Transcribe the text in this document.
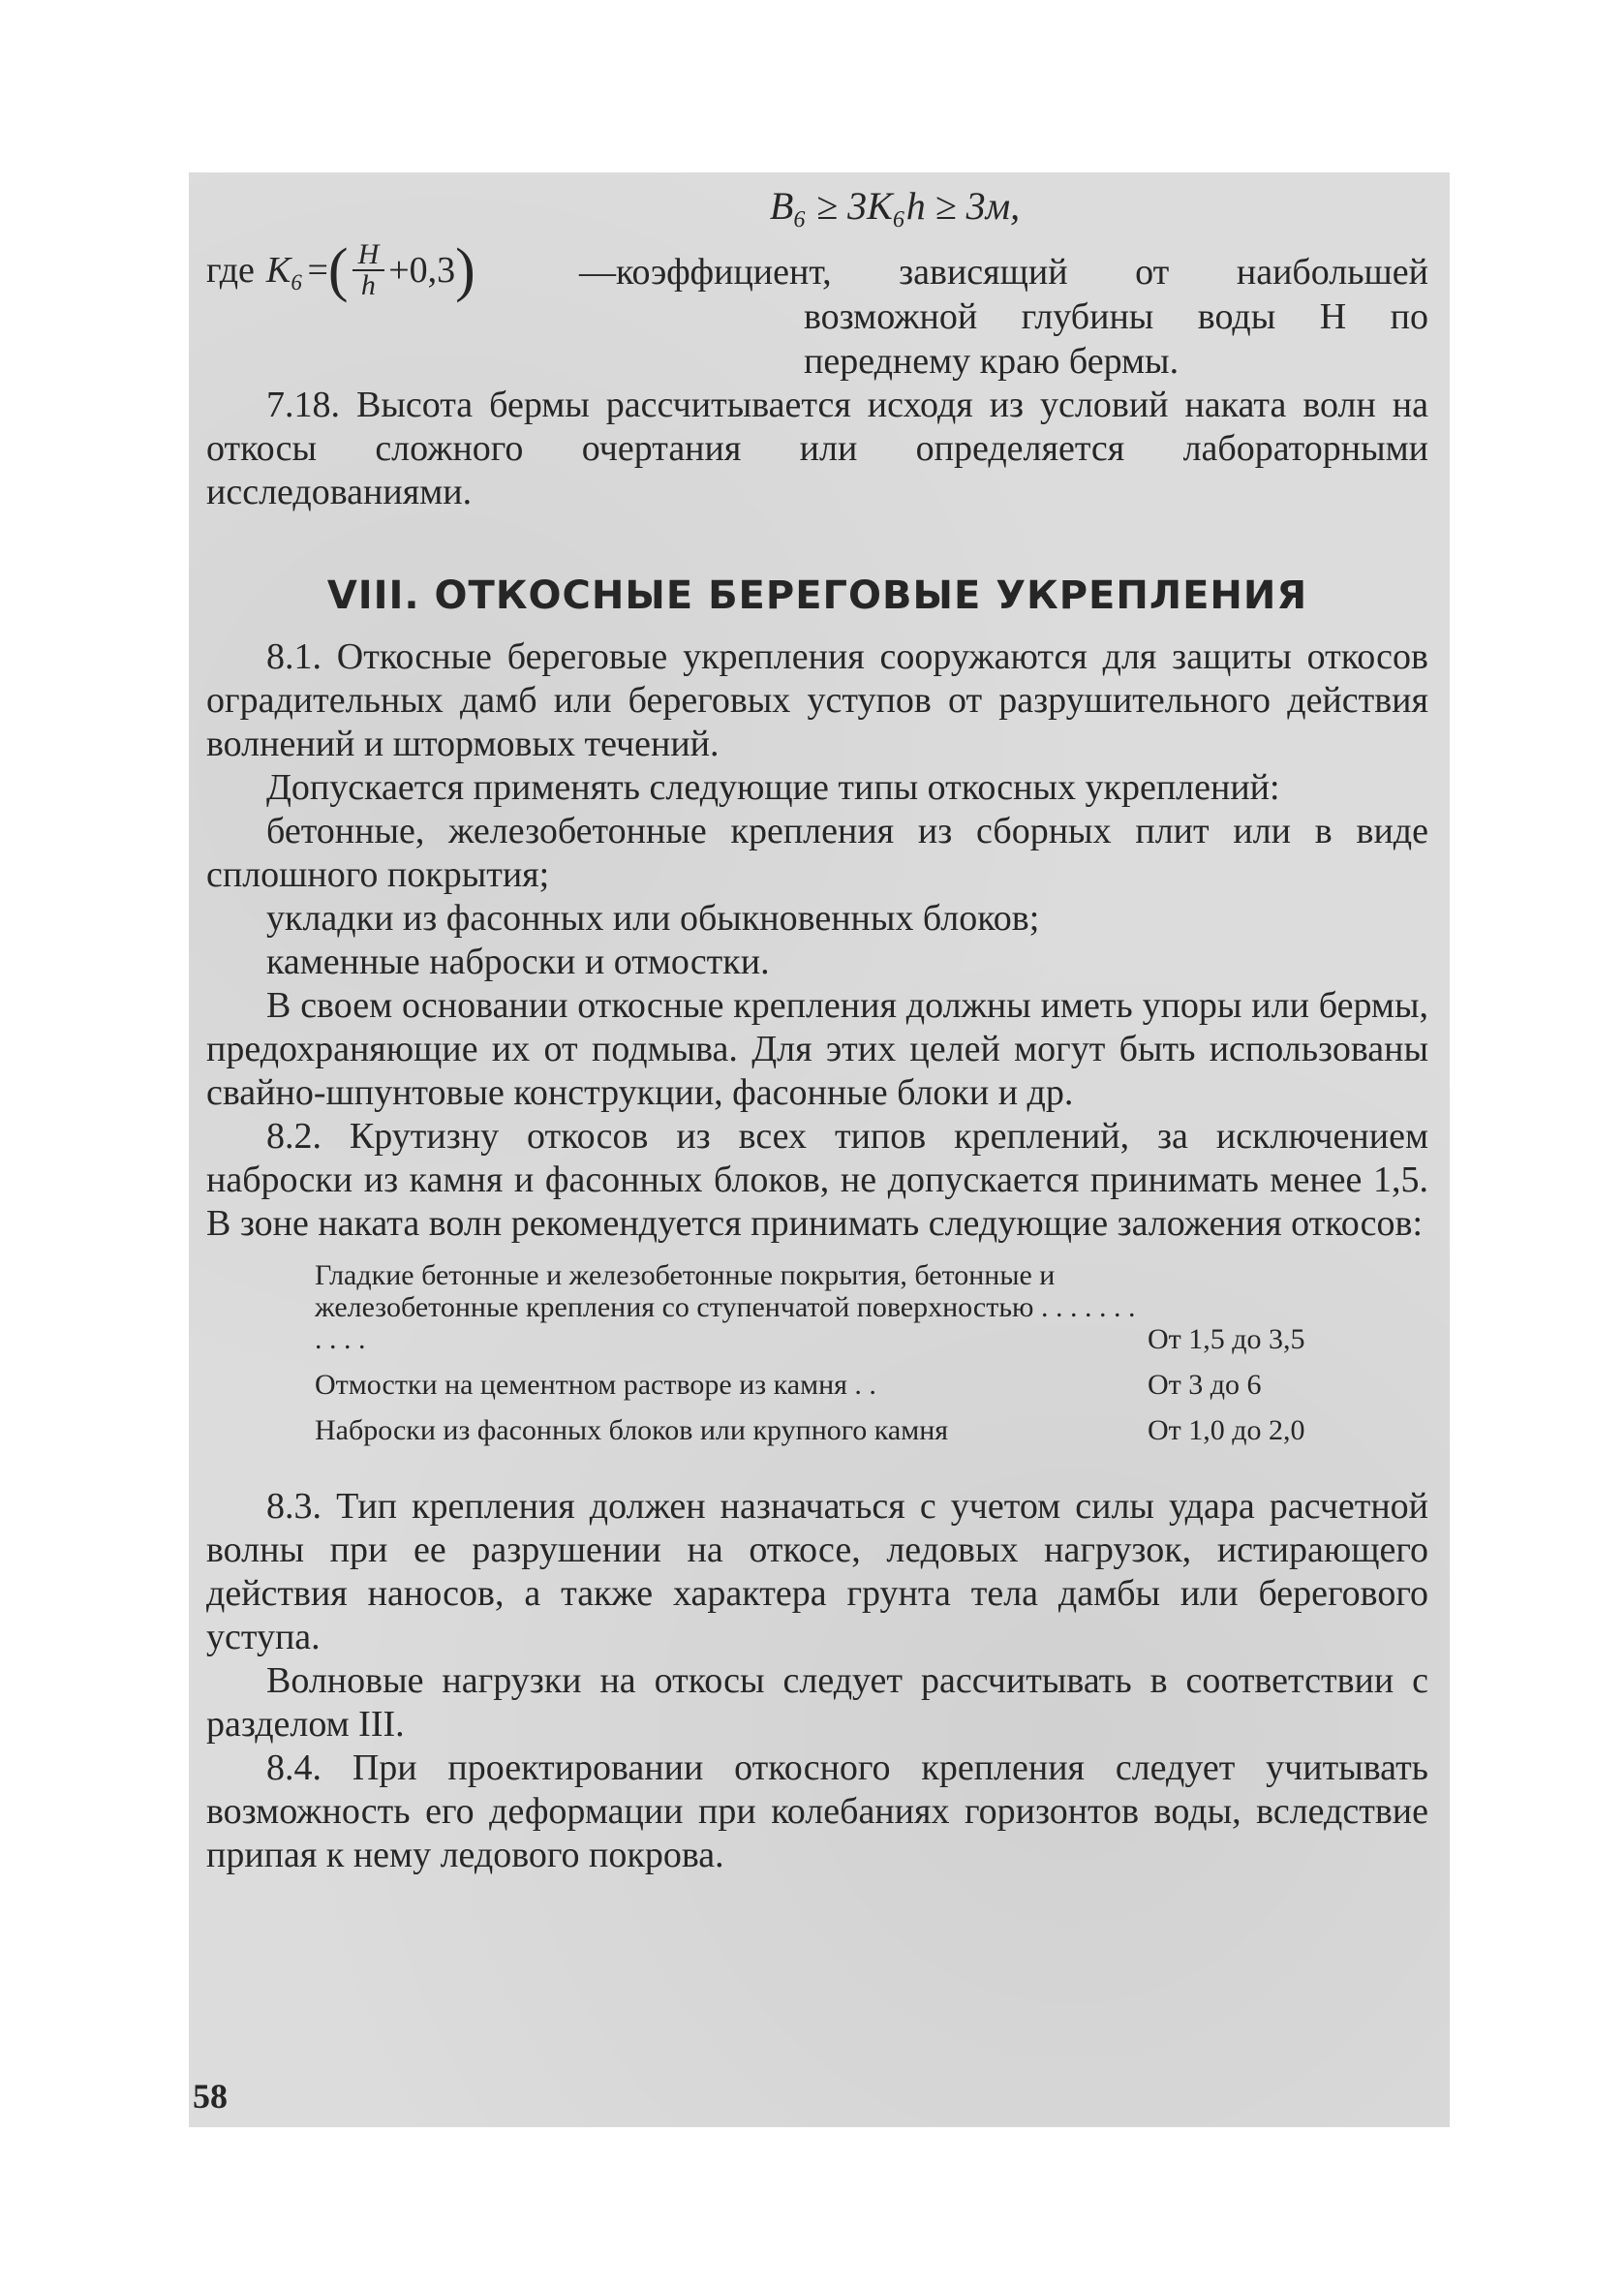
B₆ ≥ 3K₆h ≥ 3м,
где K₆ = ( $\frac{H}{h} +0,3$ )	—коэффициент, зависящий от наибольшей
возможной глубины воды H по переднему краю бермы.

7.18. Высота бермы рассчитывается исходя из условий наката волн на откосы сложного очертания или определяется лабораторными исследованиями.

VIII. ОТКОСНЫЕ БЕРЕГОВЫЕ УКРЕПЛЕНИЯ

8.1. Откосные береговые укрепления сооружаются для защиты откосов оградительных дамб или береговых уступов от разрушительного действия волнений и штормовых течений.

Допускается применять следующие типы откосных укреплений:

бетонные, железобетонные крепления из сборных плит или в виде сплошного покрытия;

укладки из фасонных или обыкновенных блоков;

каменные наброски и отмостки.

В своем основании откосные крепления должны иметь упоры или бермы, предохраняющие их от подмыва. Для этих целей могут быть использованы свайно-шпунтовые конструкции, фасонные блоки и др.

8.2. Крутизну откосов из всех типов креплений, за исключением наброски из камня и фасонных блоков, не допускается принимать менее 1,5. В зоне наката волн рекомендуется принимать следующие заложения откосов:

Гладкие бетонные и железобетонные покрытия, бетонные и железобетонные крепления со ступенчатой поверхностью . . . . . . . . . . .	От 1,5 до 3,5
Отмостки на цементном растворе из камня . .	От 3 до 6
Наброски из фасонных блоков или крупного камня	От 1,0 до 2,0

8.3. Тип крепления должен назначаться с учетом силы удара расчетной волны при ее разрушении на откосе, ледовых нагрузок, истирающего действия наносов, а также характера грунта тела дамбы или берегового уступа.

Волновые нагрузки на откосы следует рассчитывать в соответствии с разделом III.

8.4. При проектировании откосного крепления следует учитывать возможность его деформации при колебаниях горизонтов воды, вследствие припая к нему ледового покрова.

58
